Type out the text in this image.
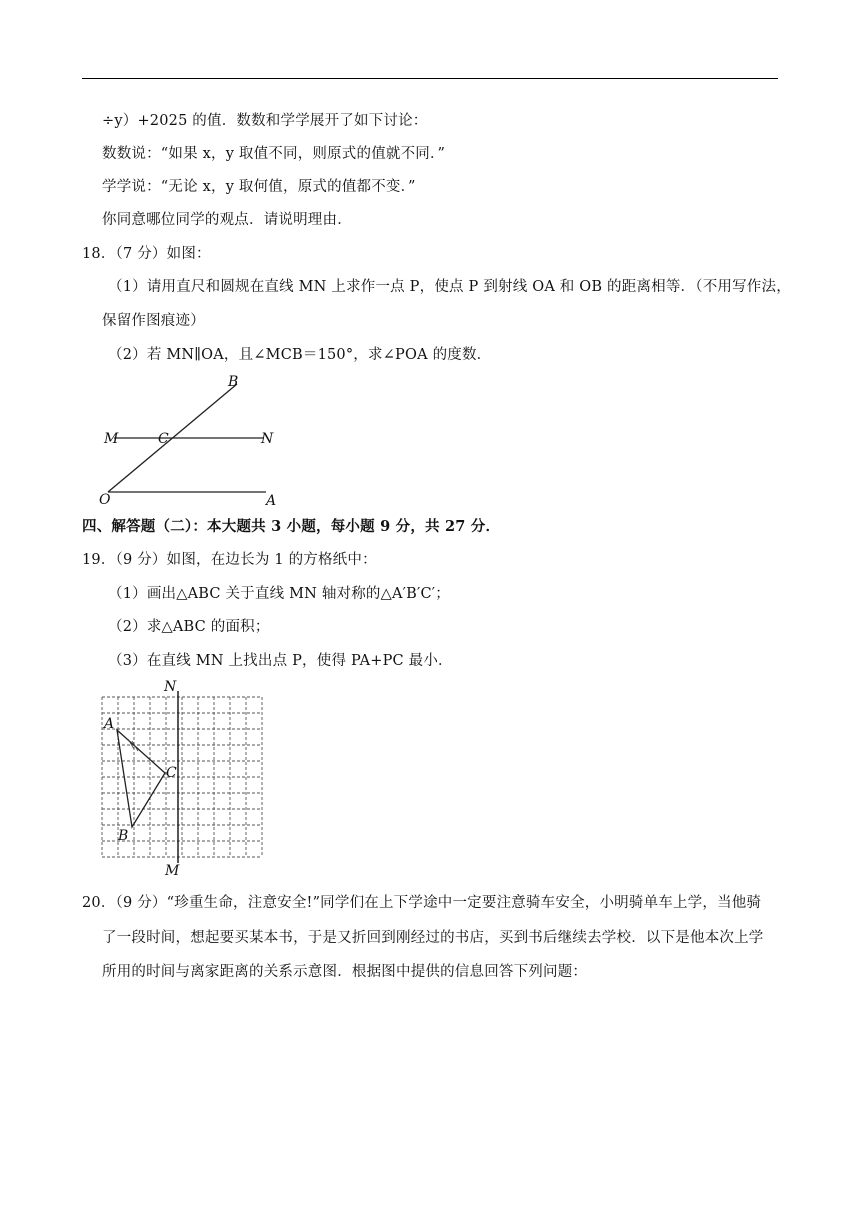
÷y）+2025 的值．数数和学学展开了如下讨论：
数数说：“如果 x，y 取值不同，则原式的值就不同．”
学学说：“无论 x，y 取何值，原式的值都不变．”
你同意哪位同学的观点．请说明理由．
18．（7 分）如图：
（1）请用直尺和圆规在直线 MN 上求作一点 P，使点 P 到射线 OA 和 OB 的距离相等．（不用写作法，
保留作图痕迹）
（2）若 MN∥OA，且∠MCB＝150°，求∠POA 的度数．
B
M	C	N
O	A
四、解答题（二）：本大题共 3 小题，每小题 9 分，共 27 分．
19．（9 分）如图，在边长为 1 的方格纸中：
（1）画出△ABC 关于直线 MN 轴对称的△A′B′C′；
（2）求△ABC 的面积；
（3）在直线 MN 上找出点 P，使得 PA+PC 最小．
N
M
A
C
B
20．（9 分）“珍重生命，注意安全!”同学们在上下学途中一定要注意骑车安全，小明骑单车上学，当他骑
了一段时间，想起要买某本书，于是又折回到刚经过的书店，买到书后继续去学校．以下是他本次上学
所用的时间与离家距离的关系示意图．根据图中提供的信息回答下列问题：
